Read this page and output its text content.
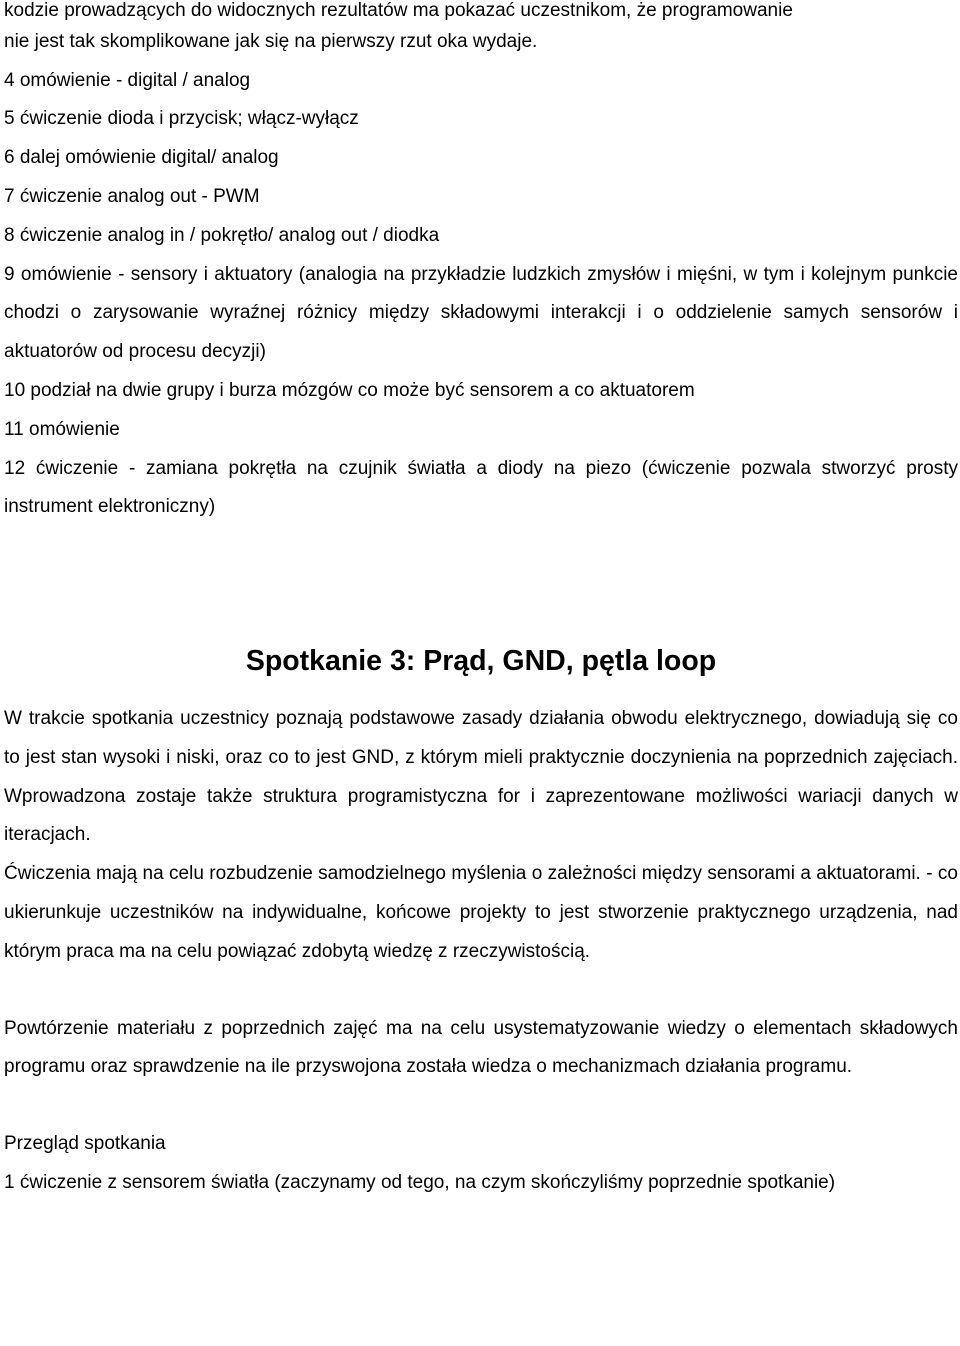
kodzie prowadzących do widocznych rezultatów ma pokazać uczestnikom, że programowanie

nie jest tak skomplikowane jak się na pierwszy rzut oka wydaje.

4 omówienie - digital / analog

5 ćwiczenie dioda i przycisk; włącz-wyłącz

6 dalej omówienie digital/ analog

7 ćwiczenie analog out - PWM

8 ćwiczenie analog in / pokrętło/ analog out / diodka

9 omówienie - sensory i aktuatory (analogia na przykładzie ludzkich zmysłów i mięśni, w tym i kolejnym punkcie chodzi o zarysowanie wyraźnej różnicy między składowymi interakcji i o oddzielenie samych sensorów i aktuatorów od procesu decyzji)

10 podział na dwie grupy i burza mózgów co może być sensorem a co aktuatorem

11 omówienie

12 ćwiczenie - zamiana pokrętła na czujnik światła a diody na piezo (ćwiczenie pozwala stworzyć prosty instrument elektroniczny)

Spotkanie 3: Prąd, GND, pętla loop

W trakcie spotkania uczestnicy poznają podstawowe zasady działania obwodu elektrycznego, dowiadują się co to jest stan wysoki i niski, oraz co to jest GND, z którym mieli praktycznie doczynienia na poprzednich zajęciach. Wprowadzona zostaje także struktura programistyczna for i zaprezentowane możliwości wariacji danych w iteracjach.

Ćwiczenia mają na celu rozbudzenie samodzielnego myślenia o zależności między sensorami a aktuatorami. - co ukierunkuje uczestników na indywidualne, końcowe projekty to jest stworzenie praktycznego urządzenia, nad którym praca ma na celu powiązać zdobytą wiedzę z rzeczywistością.

Powtórzenie materiału z poprzednich zajęć ma na celu usystematyzowanie wiedzy o elementach składowych programu oraz sprawdzenie na ile przyswojona została wiedza o mechanizmach działania programu.

Przegląd spotkania

1 ćwiczenie z sensorem światła (zaczynamy od tego, na czym skończyliśmy poprzednie spotkanie)
